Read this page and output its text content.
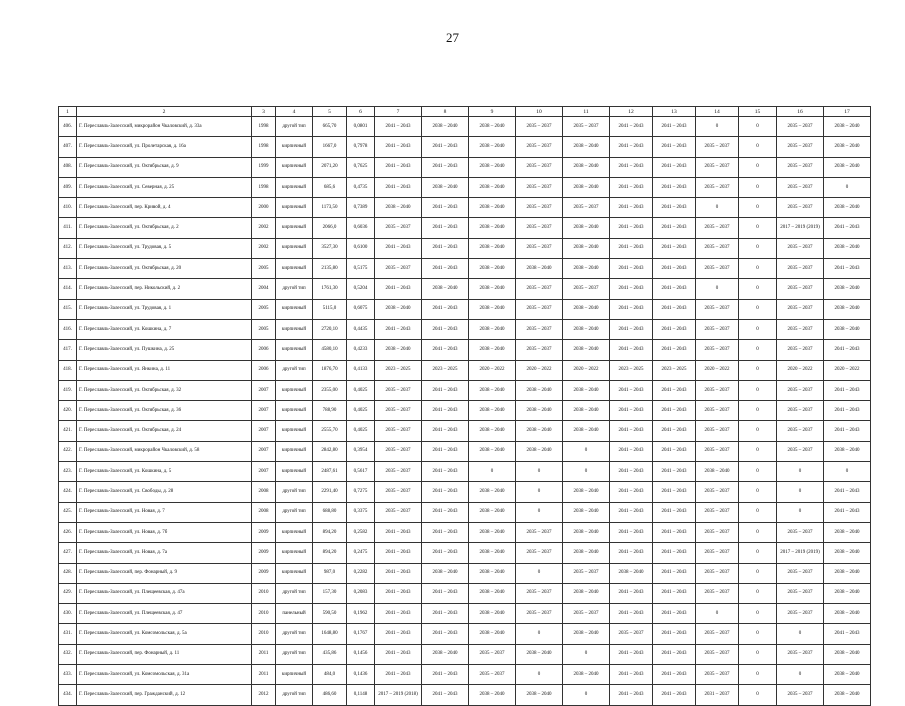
27
1	2	3	4	5	6	7	8	9	10	11	12	13	14	15	16	17
406.	Г. Переславль-Залесский, микрорайон Чкаловский, д. 33а	1998	другой тип	665,70	0,0801	2041 – 2043	2038 – 2040	2038 – 2040	2035 – 2037	2035 – 2037	2041 – 2043	2041 – 2043	0	0	2035 – 2037	2038 – 2040
407.	Г. Переславль-Залесский, ул. Пролетарская, д. 16а	1998	кирпичный	1667,0	0,7978	2041 – 2043	2041 – 2043	2038 – 2040	2035 – 2037	2038 – 2040	2041 – 2043	2041 – 2043	2035 – 2037	0	2035 – 2037	2038 – 2040
408.	Г. Переславль-Залесский, ул. Октябрьская, д. 9	1999	кирпичный	2071,20	0,7625	2041 – 2043	2041 – 2043	2038 – 2040	2035 – 2037	2038 – 2040	2041 – 2043	2041 – 2043	2035 – 2037	0	2035 – 2037	2038 – 2040
409.	Г. Переславль-Залесский, ул. Северная, д. 25	1998	кирпичный	685,6	0,4735	2041 – 2043	2038 – 2040	2038 – 2040	2035 – 2037	2038 – 2040	2041 – 2043	2041 – 2043	2035 – 2037	0	2035 – 2037	0
410.	Г. Переславль-Залесский, пер. Кривой, д. 4	2000	кирпичный	1173,50	0,7389	2038 – 2040	2041 – 2043	2038 – 2040	2035 – 2037	2035 – 2037	2041 – 2043	2041 – 2043	0	0	2035 – 2037	2038 – 2040
411.	Г. Переславль-Залесский, ул. Октябрьская, д. 2	2002	кирпичный	2066,0	0,6036	2035 – 2037	2041 – 2043	2038 – 2040	2035 – 2037	2038 – 2040	2041 – 2043	2041 – 2043	2035 – 2037	0	2017 – 2019 (2019)	2041 – 2043
412.	Г. Переславль-Залесский, ул. Трудовая, д. 5	2002	кирпичный	3527,30	0,6100	2041 – 2043	2041 – 2043	2038 – 2040	2035 – 2037	2038 – 2040	2041 – 2043	2041 – 2043	2035 – 2037	0	2035 – 2037	2038 – 2040
413.	Г. Переславль-Залесский, ул. Октябрьская, д. 20	2005	кирпичный	2135,80	0,5175	2035 – 2037	2041 – 2043	2038 – 2040	2038 – 2040	2038 – 2040	2041 – 2043	2041 – 2043	2035 – 2037	0	2035 – 2037	2041 – 2043
414.	Г. Переславль-Залесский, пер. Никольский, д. 2	2004	другой тип	1761,30	0,5204	2041 – 2043	2038 – 2040	2038 – 2040	2035 – 2037	2035 – 2037	2041 – 2043	2041 – 2043	0	0	2035 – 2037	2038 – 2040
415.	Г. Переславль-Залесский, ул. Трудовая, д. 1	2005	кирпичный	5115,0	0,6075	2038 – 2040	2041 – 2043	2038 – 2040	2035 – 2037	2038 – 2040	2041 – 2043	2041 – 2043	2035 – 2037	0	2035 – 2037	2038 – 2040
416.	Г. Переславль-Залесский, ул. Кошкина, д. 7	2005	кирпичный	2720,10	0,4435	2041 – 2043	2041 – 2043	2038 – 2040	2035 – 2037	2038 – 2040	2041 – 2043	2041 – 2043	2035 – 2037	0	2035 – 2037	2038 – 2040
417.	Г. Переславль-Залесский, ул. Пушкина, д. 25	2006	кирпичный	4580,10	0,4233	2038 – 2040	2041 – 2043	2038 – 2040	2035 – 2037	2038 – 2040	2041 – 2043	2041 – 2043	2035 – 2037	0	2035 – 2037	2041 – 2043
418.	Г. Переславль-Залесский, ул. Янкина, д. 11	2006	другой тип	1876,70	0,4133	2023 – 2025	2023 – 2025	2020 – 2022	2020 – 2022	2020 – 2022	2023 – 2025	2023 – 2025	2020 – 2022	0	2020 – 2022	2020 – 2022
419.	Г. Переславль-Залесский, ул. Октябрьская, д. 32	2007	кирпичный	2355,00	0,4025	2035 – 2037	2041 – 2043	2038 – 2040	2038 – 2040	2038 – 2040	2041 – 2043	2041 – 2043	2035 – 2037	0	2035 – 2037	2041 – 2043
420.	Г. Переславль-Залесский, ул. Октябрьская, д. 36	2007	кирпичный	788,90	0,4025	2035 – 2037	2041 – 2043	2038 – 2040	2038 – 2040	2038 – 2040	2041 – 2043	2041 – 2043	2035 – 2037	0	2035 – 2037	2041 – 2043
421.	Г. Переславль-Залесский, ул. Октябрьская, д. 24	2007	кирпичный	2555,70	0,4025	2035 – 2037	2041 – 2043	2038 – 2040	2038 – 2040	2038 – 2040	2041 – 2043	2041 – 2043	2035 – 2037	0	2035 – 2037	2041 – 2043
422.	Г. Переславль-Залесский, микрорайон Чкаловский, д. 58	2007	кирпичный	2842,80	0,3954	2035 – 2037	2041 – 2043	2038 – 2040	2038 – 2040	0	2041 – 2043	2041 – 2043	2035 – 2037	0	2035 – 2037	2038 – 2040
423.	Г. Переславль-Залесский, ул. Кошкина, д. 5	2007	кирпичный	2487,61	0,5617	2035 – 2037	2041 – 2043	0	0	0	2041 – 2043	2041 – 2043	2038 – 2040	0	0	0
424.	Г. Переславль-Залесский, ул. Свободы, д. 28	2008	другой тип	2291,40	0,7275	2035 – 2037	2041 – 2043	2038 – 2040	0	2038 – 2040	2041 – 2043	2041 – 2043	2035 – 2037	0	0	2041 – 2043
425.	Г. Переславль-Залесский, ул. Новая, д. 7	2008	другой тип	688,80	0,3375	2035 – 2037	2041 – 2043	2038 – 2040	0	2038 – 2040	2041 – 2043	2041 – 2043	2035 – 2037	0	0	2041 – 2043
426.	Г. Переславль-Залесский, ул. Новая, д. 7б	2009	кирпичный	894,20	0,2582	2041 – 2043	2041 – 2043	2038 – 2040	2035 – 2037	2038 – 2040	2041 – 2043	2041 – 2043	2035 – 2037	0	2035 – 2037	2038 – 2040
427.	Г. Переславль-Залесский, ул. Новая, д. 7а	2009	кирпичный	894,20	0,2475	2041 – 2043	2041 – 2043	2038 – 2040	2035 – 2037	2038 – 2040	2041 – 2043	2041 – 2043	2035 – 2037	0	2017 – 2019 (2019)	2038 – 2040
428.	Г. Переславль-Залесский, пер. Фонарный, д. 9	2009	кирпичный	987,0	0,2282	2041 – 2043	2038 – 2040	2038 – 2040	0	2035 – 2037	2038 – 2040	2041 – 2043	2035 – 2037	0	2035 – 2037	2038 – 2040
429.	Г. Переславль-Залесский, ул. Плещеевская, д. 47а	2010	другой тип	157,30	0,2083	2041 – 2043	2041 – 2043	2038 – 2040	2035 – 2037	2038 – 2040	2041 – 2043	2041 – 2043	2035 – 2037	0	2035 – 2037	2038 – 2040
430.	Г. Переславль-Залесский, ул. Плещеевская, д. 47	2010	панельный	590,50	0,1962	2041 – 2043	2041 – 2043	2038 – 2040	2035 – 2037	2035 – 2037	2041 – 2043	2041 – 2043	0	0	2035 – 2037	2038 – 2040
431.	Г. Переславль-Залесский, ул. Комсомольская, д. 5а	2010	другой тип	1648,80	0,1767	2041 – 2043	2041 – 2043	2038 – 2040	0	2038 – 2040	2035 – 2037	2041 – 2043	2035 – 2037	0	0	2041 – 2043
432.	Г. Переславль-Залесский, пер. Фонарный, д. 11	2011	другой тип	435,86	0,1456	2041 – 2043	2038 – 2040	2035 – 2037	2038 – 2040	0	2041 – 2043	2041 – 2043	2035 – 2037	0	2035 – 2037	2038 – 2040
433.	Г. Переславль-Залесский, ул. Комсомольская, д. 31а	2011	кирпичный	484,0	0,1436	2041 – 2043	2041 – 2043	2035 – 2037	0	2038 – 2040	2041 – 2043	2041 – 2043	2035 – 2037	0	0	2038 – 2040
434.	Г. Переславль-Залесский, пер. Гражданский, д. 12	2012	другой тип	486,60	0,1148	2017 – 2019 (2018)	2041 – 2043	2038 – 2040	2038 – 2040	0	2041 – 2043	2041 – 2043	2031 – 2037	0	2035 – 2037	2038 – 2040
